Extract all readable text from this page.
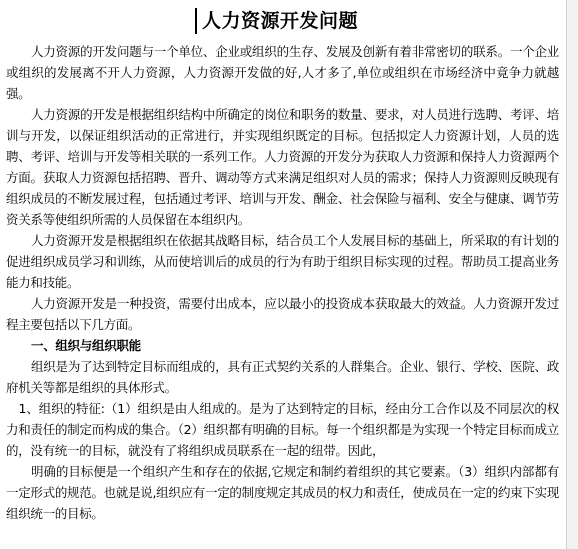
人力资源开发问题

人力资源的开发问题与一个单位、企业或组织的生存、发展及创新有着非常密切的联系。一个企业或组织的发展离不开人力资源，人力资源开发做的好,人才多了,单位或组织在市场经济中竟争力就越强。

人力资源的开发是根据组织结构中所确定的岗位和职务的数量、要求，对人员进行选聘、考评、培训与开发，以保证组织活动的正常进行，并实现组织既定的目标。包括拟定人力资源计划，人员的选聘、考评、培训与开发等相关联的一系列工作。人力资源的开发分为获取人力资源和保持人力资源两个方面。获取人力资源包括招聘、晋升、调动等方式来满足组织对人员的需求；保持人力资源则反映现有组织成员的不断发展过程，包括通过考评、培训与开发、酬金、社会保险与福利、安全与健康、调节劳资关系等使组织所需的人员保留在本组织内。

人力资源开发是根据组织在依据其战略目标，结合员工个人发展目标的基础上，所采取的有计划的促进组织成员学习和训练，从而使培训后的成员的行为有助于组织目标实现的过程。帮助员工提高业务能力和技能。

人力资源开发是一种投资，需要付出成本，应以最小的投资成本获取最大的效益。人力资源开发过程主要包括以下几方面。

一、组织与组织职能

组织是为了达到特定目标而组成的，具有正式契约关系的人群集合。企业、银行、学校、医院、政府机关等都是组织的具体形式。

1、组织的特征:（1）组织是由人组成的。是为了达到特定的目标，经由分工合作以及不同层次的权力和责任的制定而构成的集合。（2）组织都有明确的目标。每一个组织都是为实现一个特定目标而成立的，没有统一的目标，就没有了将组织成员联系在一起的纽带。因此，

明确的目标便是一个组织产生和存在的依据,它规定和制约着组织的其它要素。（3）组织内部都有一定形式的规范。也就是说,组织应有一定的制度规定其成员的权力和责任，使成员在一定的约束下实现组织统一的目标。
